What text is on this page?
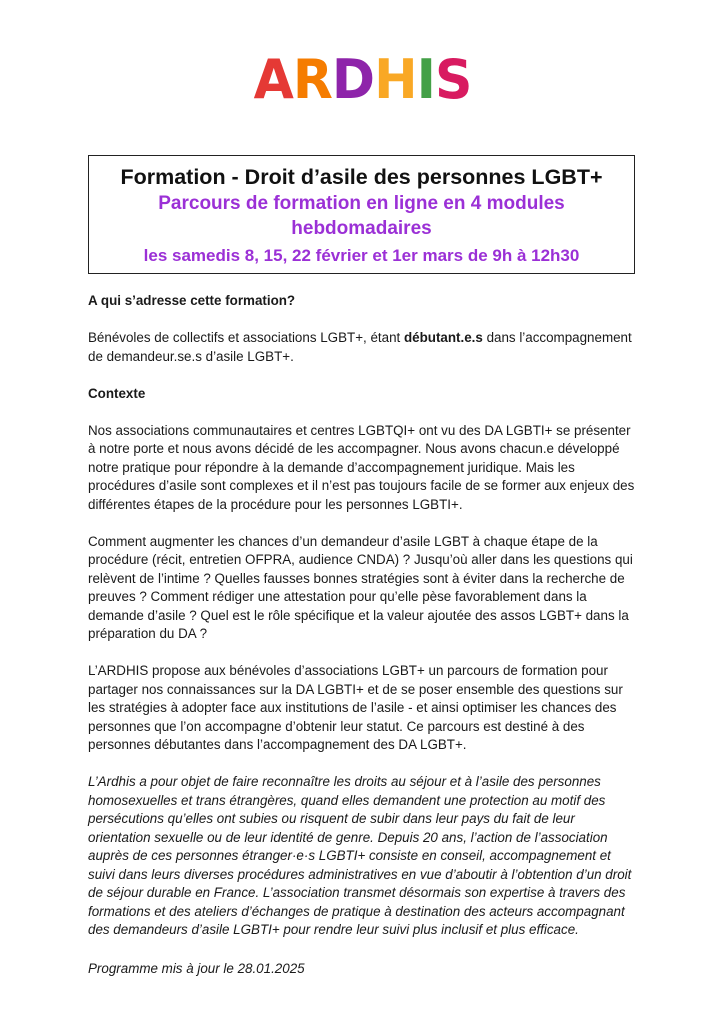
ARDHIS
Formation - Droit d’asile des personnes LGBT+
Parcours de formation en ligne en 4 modules hebdomadaires
les samedis 8, 15, 22 février et 1er mars de 9h à 12h30
A qui s’adresse cette formation?

Bénévoles de collectifs et associations LGBT+, étant débutant.e.s dans l’accompagnement de demandeur.se.s d’asile LGBT+.

Contexte

Nos associations communautaires et centres LGBTQI+ ont vu des DA LGBTI+ se présenter à notre porte et nous avons décidé de les accompagner. Nous avons chacun.e développé notre pratique pour répondre à la demande d’accompagnement juridique. Mais les procédures d’asile sont complexes et il n’est pas toujours facile de se former aux enjeux des différentes étapes de la procédure pour les personnes LGBTI+.

Comment augmenter les chances d’un demandeur d’asile LGBT à chaque étape de la procédure (récit, entretien OFPRA, audience CNDA) ? Jusqu’où aller dans les questions qui relèvent de l’intime ? Quelles fausses bonnes stratégies sont à éviter dans la recherche de preuves ? Comment rédiger une attestation pour qu’elle pèse favorablement dans la demande d’asile ? Quel est le rôle spécifique et la valeur ajoutée des assos LGBT+ dans la préparation du DA ?

L’ARDHIS propose aux bénévoles d’associations LGBT+ un parcours de formation pour partager nos connaissances sur la DA LGBTI+ et de se poser ensemble des questions sur les stratégies à adopter face aux institutions de l’asile - et ainsi optimiser les chances des personnes que l’on accompagne d’obtenir leur statut. Ce parcours est destiné à des personnes débutantes dans l’accompagnement des DA LGBT+.

L’Ardhis a pour objet de faire reconnaître les droits au séjour et à l’asile des personnes homosexuelles et trans étrangères, quand elles demandent une protection au motif des persécutions qu’elles ont subies ou risquent de subir dans leur pays du fait de leur orientation sexuelle ou de leur identité de genre. Depuis 20 ans, l’action de l’association auprès de ces personnes étranger·e·s LGBTI+ consiste en conseil, accompagnement et suivi dans leurs diverses procédures administratives en vue d’aboutir à l’obtention d’un droit de séjour durable en France. L’association transmet désormais son expertise à travers des formations et des ateliers d’échanges de pratique à destination des acteurs accompagnant des demandeurs d’asile LGBTI+ pour rendre leur suivi plus inclusif et plus efficace.

Programme mis à jour le 28.01.2025
